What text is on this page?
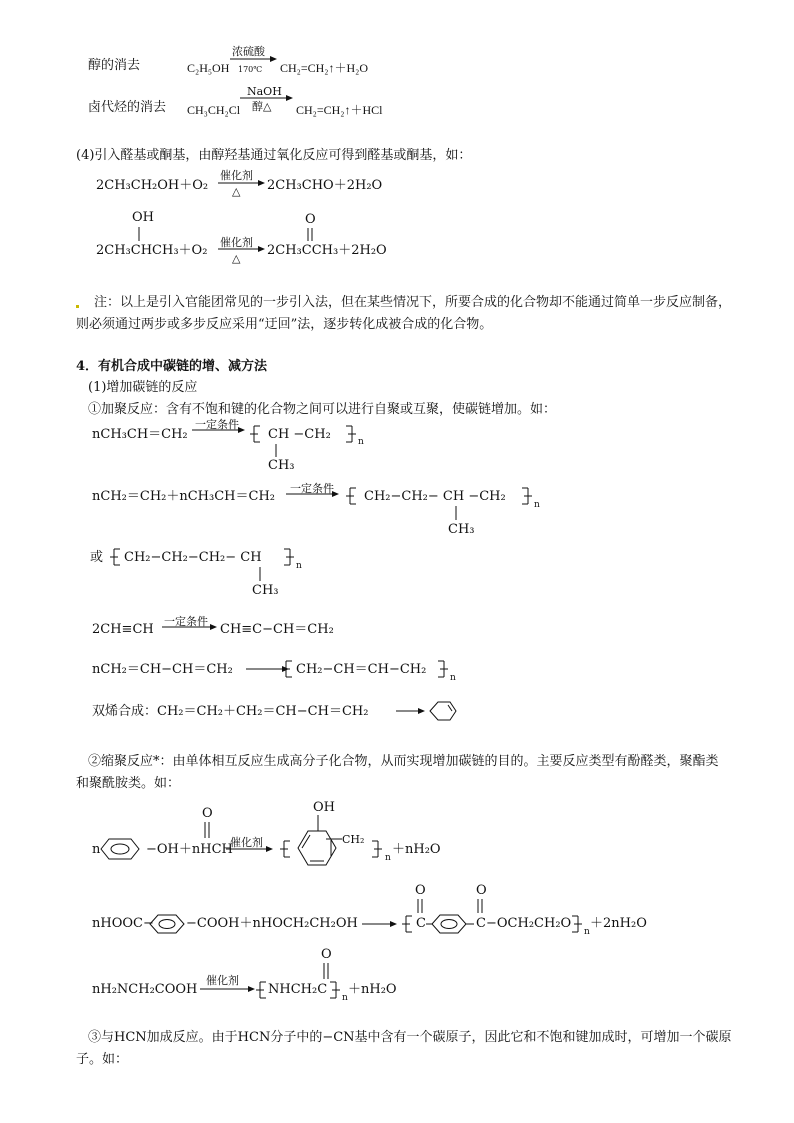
醇的消去	C₂H₅OH
浓硫酸
170℃ CH₂=CH₂↑＋H₂O
卤代烃的消去 CH₃CH₂Cl
NaOH
醇△ CH₂=CH₂↑＋HCl
(4)引入醛基或酮基，由醇羟基通过氧化反应可得到醛基或酮基，如：
2CH₃CH₂OH＋O₂
催化剂
△ 2CH₃CHO＋2H₂O
OH
2CH₃CHCH₃＋O₂
催化剂
△
O
2CH₃CCH₃＋2H₂O
注：以上是引入官能团常见的一步引入法，但在某些情况下，所要合成的化合物却不能通过简单一步反应制备，
则必须通过两步或多步反应采用“迂回”法，逐步转化成被合成的化合物。
4．有机合成中碳链的增、减方法
(1)增加碳链的反应
①加聚反应：含有不饱和键的化合物之间可以进行自聚或互聚，使碳链增加。如：
nCH₃CH＝CH₂
一定条件
CH −CH₂	n
CH₃
nCH₂＝CH₂＋nCH₃CH＝CH₂
一定条件
CH₂−CH₂− CH −CH₂
n
CH₃
或 CH₂−CH₂−CH₂− CH
n
CH₃
2CH≡CH
一定条件
CH≡C−CH＝CH₂
nCH₂＝CH−CH＝CH₂	CH₂−CH＝CH−CH₂
n
双烯合成：CH₂＝CH₂＋CH₂＝CH−CH＝CH₂
②缩聚反应*：由单体相互反应生成高分子化合物，从而实现增加碳链的目的。主要反应类型有酚醛类，聚酯类
和聚酰胺类。如：
n	−OH＋nHCH
O
催化剂
OH
CH₂
n
＋nH₂O
nHOOC− −COOH＋nHOCH₂CH₂OH
O	O
C	C −OCH₂CH₂O
n
＋2nH₂O
nH₂NCH₂COOH
催化剂
NHCH₂C
O
n
＋nH₂O
③与HCN加成反应。由于HCN分子中的−CN基中含有一个碳原子，因此它和不饱和键加成时，可增加一个碳原
子。如：
